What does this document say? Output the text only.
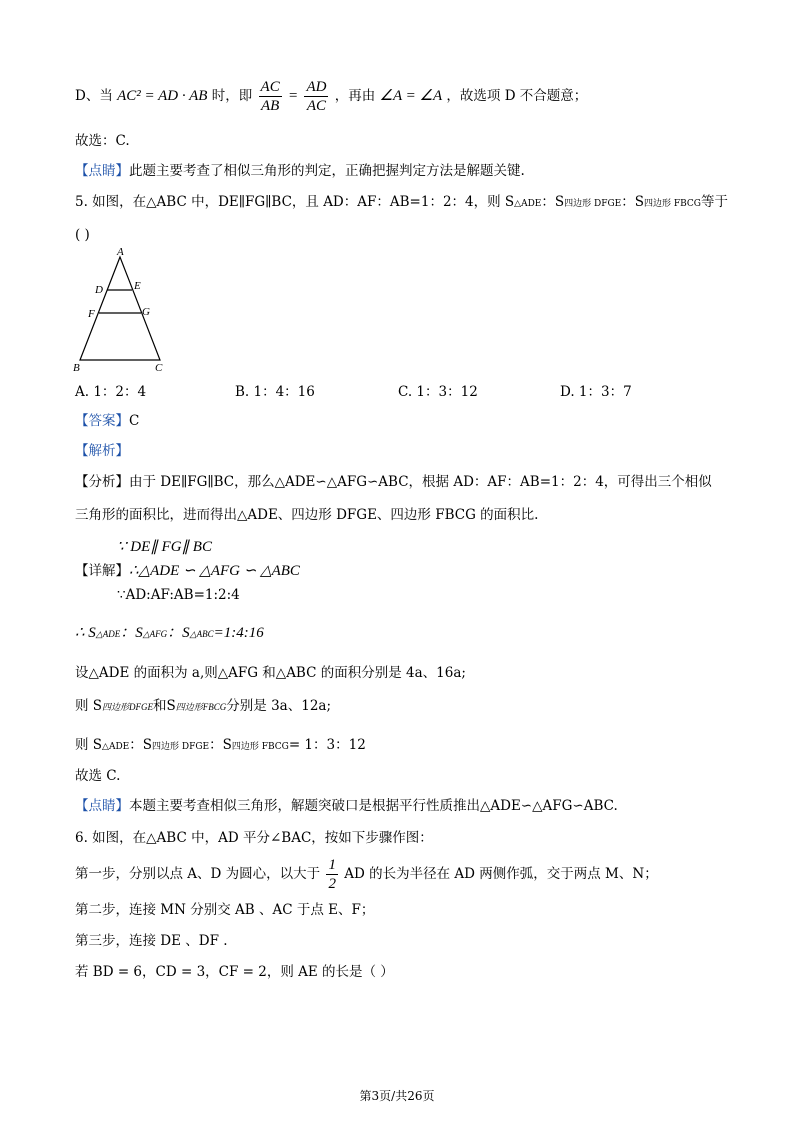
D、当 AC² = AD · AB 时，即 $\frac{AC}{AB} = \frac{AD}{AC}$ ，再由 ∠A = ∠A ，故选项 D 不合题意；
故选：C.
【点睛】此题主要考查了相似三角形的判定，正确把握判定方法是解题关键.
5. 如图，在△ABC 中，DE∥FG∥BC，且 AD：AF：AB=1：2：4，则 S△ADE：S四边形 DFGE：S四边形 FBCG等于
( )
A
D	E
F	G
B	C
A. 1：2：4	B. 1：4：16	C. 1：3：12	D. 1：3：7
【答案】C
【解析】
【分析】由于 DE∥FG∥BC，那么△ADE∽△AFG∽ABC，根据 AD：AF：AB=1：2：4，可得出三个相似
三角形的面积比，进而得出△ADE、四边形 DFGE、四边形 FBCG 的面积比.
∵ DE∥ FG∥ BC
【详解】∴△ADE ∽ △AFG ∽ △ABC
∵AD:AF:AB=1:2:4
∴ S△ADE：S△AFG：S△ABC=1:4:16
设△ADE 的面积为 a,则△AFG 和△ABC 的面积分别是 4a、16a;
则 S四边形DFGE和S四边形FBCG分别是 3a、12a;
则 S△ADE：S四边形 DFGE：S四边形 FBCG= 1：3：12
故选 C.
【点睛】本题主要考查相似三角形，解题突破口是根据平行性质推出△ADE∽△AFG∽ABC.
6. 如图，在△ABC 中，AD 平分∠BAC，按如下步骤作图：
第一步，分别以点 A、D 为圆心，以大于 $\frac{1}{2}$ AD 的长为半径在 AD 两侧作弧，交于两点 M、N；
第二步，连接 MN 分别交 AB 、AC 于点 E、F；
第三步，连接 DE 、DF .
若 BD = 6，CD = 3，CF = 2，则 AE 的长是（ ）
第3页/共26页
